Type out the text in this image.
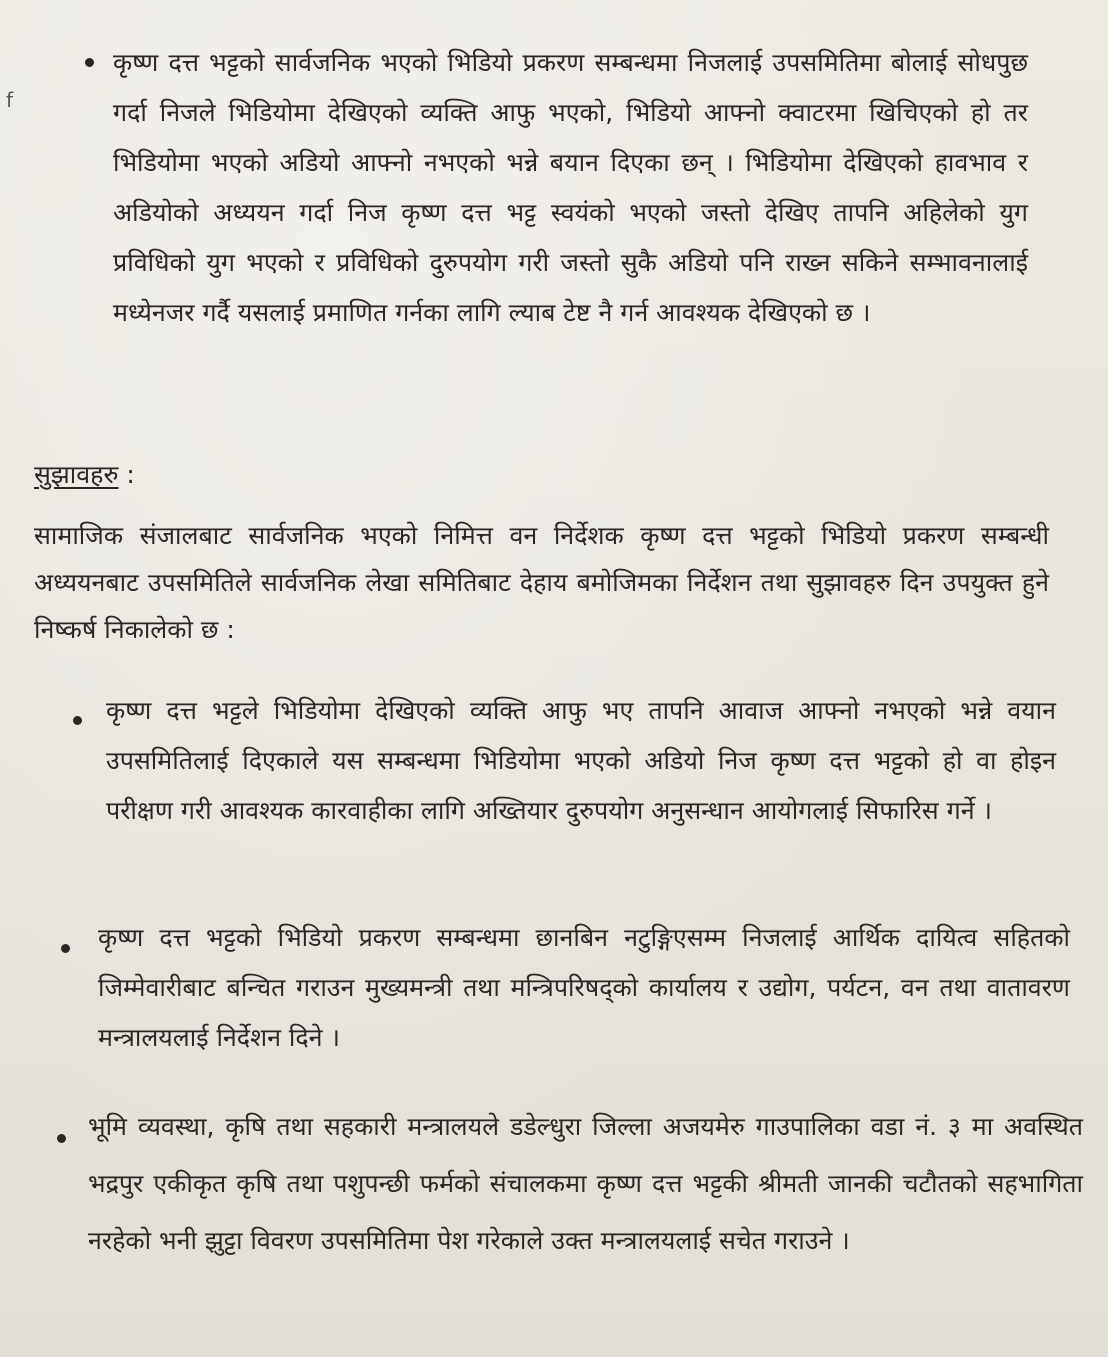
f
कृष्ण दत्त भट्टको सार्वजनिक भएको भिडियो प्रकरण सम्बन्धमा निजलाई उपसमितिमा बोलाई सोधपुछ गर्दा निजले भिडियोमा देखिएको व्यक्ति आफु भएको, भिडियो आफ्नो क्वाटरमा खिचिएको हो तर भिडियोमा भएको अडियो आफ्नो नभएको भन्ने बयान दिएका छन् । भिडियोमा देखिएको हावभाव र अडियोको अध्ययन गर्दा निज कृष्ण दत्त भट्ट स्वयंको भएको जस्तो देखिए तापनि अहिलेको युग प्रविधिको युग भएको र प्रविधिको दुरुपयोग गरी जस्तो सुकै अडियो पनि राख्न सकिने सम्भावनालाई मध्येनजर गर्दै यसलाई प्रमाणित गर्नका लागि ल्याब टेष्ट नै गर्न आवश्यक देखिएको छ ।
सुझावहरु :
सामाजिक संजालबाट सार्वजनिक भएको निमित्त वन निर्देशक कृष्ण दत्त भट्टको भिडियो प्रकरण सम्बन्धी अध्ययनबाट उपसमितिले सार्वजनिक लेखा समितिबाट देहाय बमोजिमका निर्देशन तथा सुझावहरु दिन उपयुक्त हुने निष्कर्ष निकालेको छ :
कृष्ण दत्त भट्टले भिडियोमा देखिएको व्यक्ति आफु भए तापनि आवाज आफ्नो नभएको भन्ने वयान उपसमितिलाई दिएकाले यस सम्बन्धमा भिडियोमा भएको अडियो निज कृष्ण दत्त भट्टको हो वा होइन परीक्षण गरी आवश्यक कारवाहीका लागि अख्तियार दुरुपयोग अनुसन्धान आयोगलाई सिफारिस गर्ने ।
कृष्ण दत्त भट्टको भिडियो प्रकरण सम्बन्धमा छानबिन नटुङ्गिएसम्म निजलाई आर्थिक दायित्व सहितको जिम्मेवारीबाट बन्चित गराउन मुख्यमन्त्री तथा मन्त्रिपरिषद्को कार्यालय र उद्योग, पर्यटन, वन तथा वातावरण मन्त्रालयलाई निर्देशन दिने ।
भूमि व्यवस्था, कृषि तथा सहकारी मन्त्रालयले डडेल्धुरा जिल्ला अजयमेरु गाउपालिका वडा नं. ३ मा अवस्थित भद्रपुर एकीकृत कृषि तथा पशुपन्छी फर्मको संचालकमा कृष्ण दत्त भट्टकी श्रीमती जानकी चटौतको सहभागिता नरहेको भनी झुट्टा विवरण उपसमितिमा पेश गरेकाले उक्त मन्त्रालयलाई सचेत गराउने ।
